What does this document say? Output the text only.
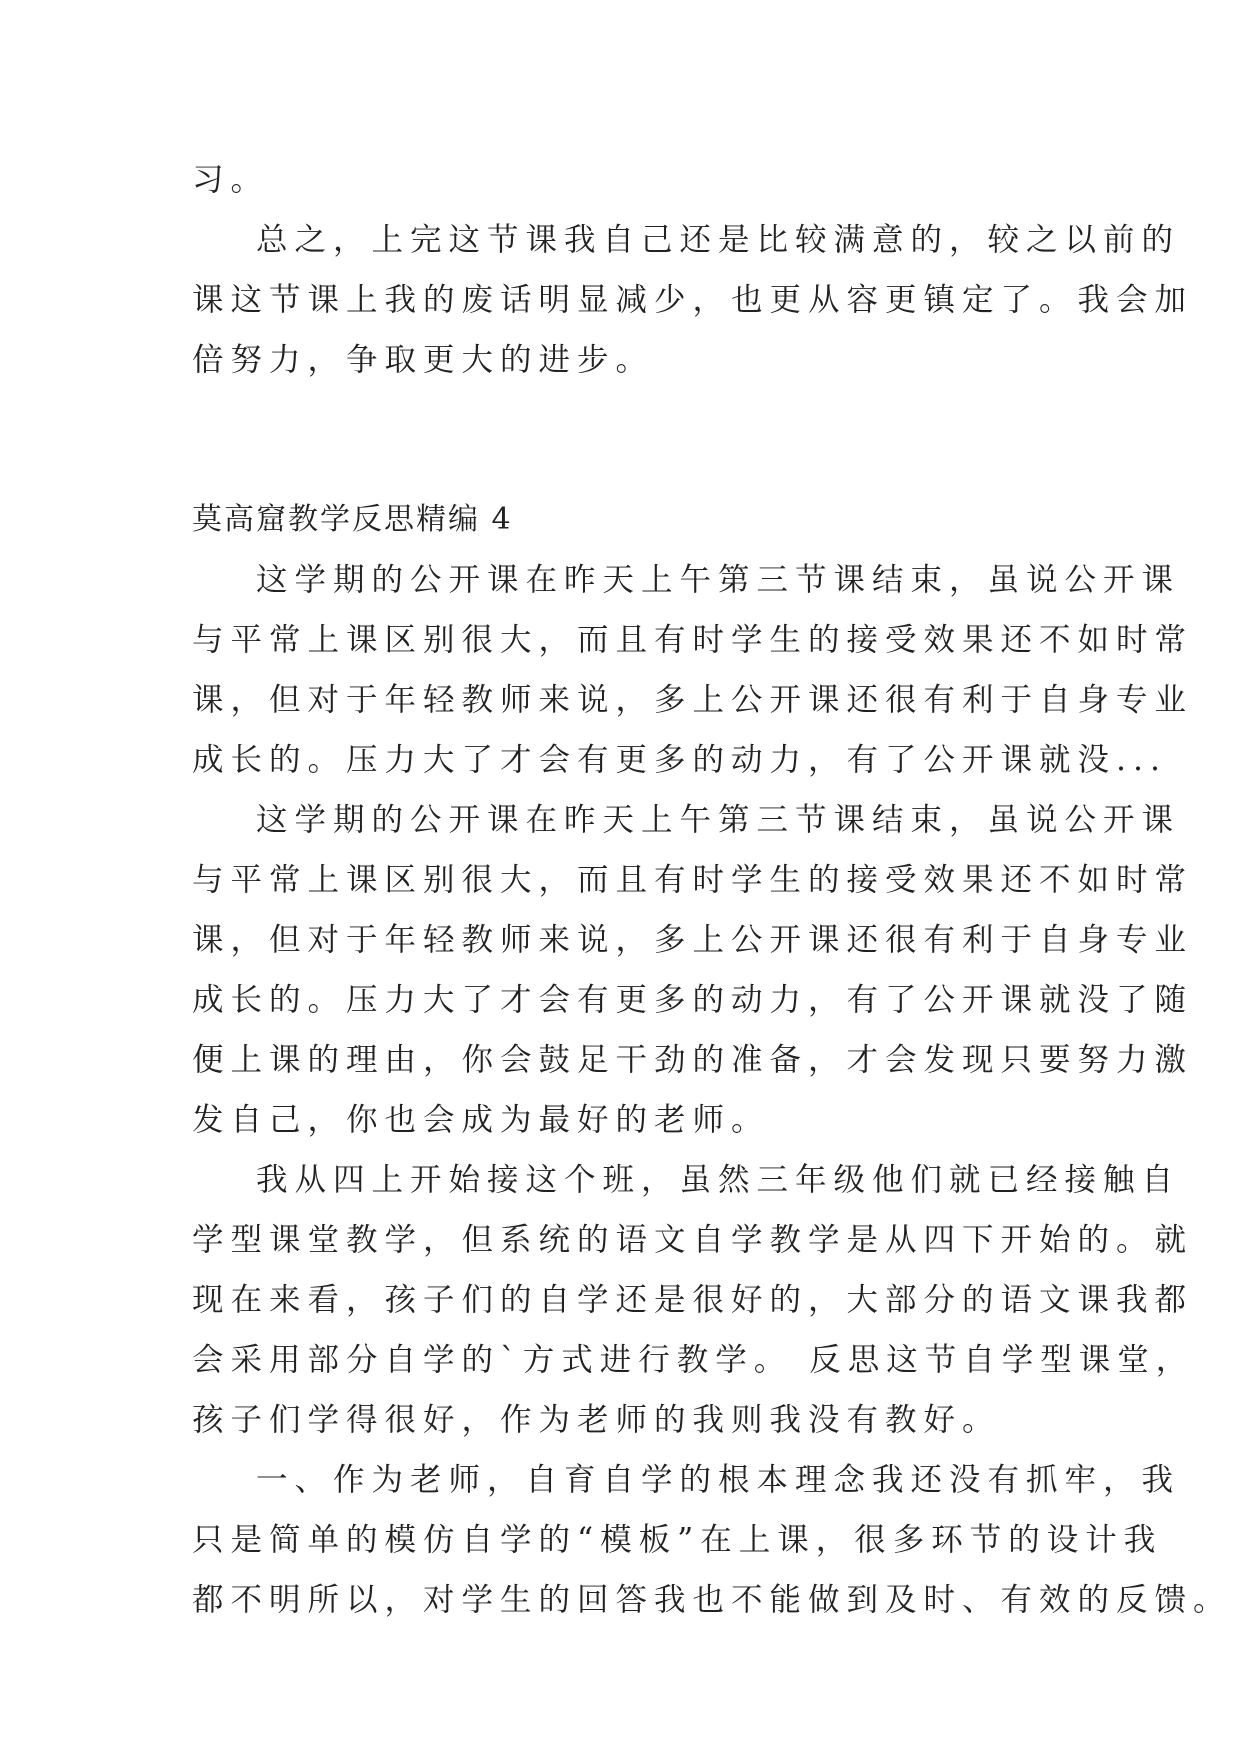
习。
总之，上完这节课我自己还是比较满意的，较之以前的
课这节课上我的废话明显减少，也更从容更镇定了。我会加
倍努力，争取更大的进步。
莫高窟教学反思精编 4
这学期的公开课在昨天上午第三节课结束，虽说公开课
与平常上课区别很大，而且有时学生的接受效果还不如时常
课，但对于年轻教师来说，多上公开课还很有利于自身专业
成长的。压力大了才会有更多的动力，有了公开课就没...
这学期的公开课在昨天上午第三节课结束，虽说公开课
与平常上课区别很大，而且有时学生的接受效果还不如时常
课，但对于年轻教师来说，多上公开课还很有利于自身专业
成长的。压力大了才会有更多的动力，有了公开课就没了随
便上课的理由，你会鼓足干劲的准备，才会发现只要努力激
发自己，你也会成为最好的老师。
我从四上开始接这个班，虽然三年级他们就已经接触自
学型课堂教学，但系统的语文自学教学是从四下开始的。就
现在来看，孩子们的自学还是很好的，大部分的语文课我都
会采用部分自学的`方式进行教学。 反思这节自学型课堂，
孩子们学得很好，作为老师的我则我没有教好。
一、作为老师，自育自学的根本理念我还没有抓牢，我
只是简单的模仿自学的“模板”在上课，很多环节的设计我
都不明所以，对学生的回答我也不能做到及时、有效的反馈。
